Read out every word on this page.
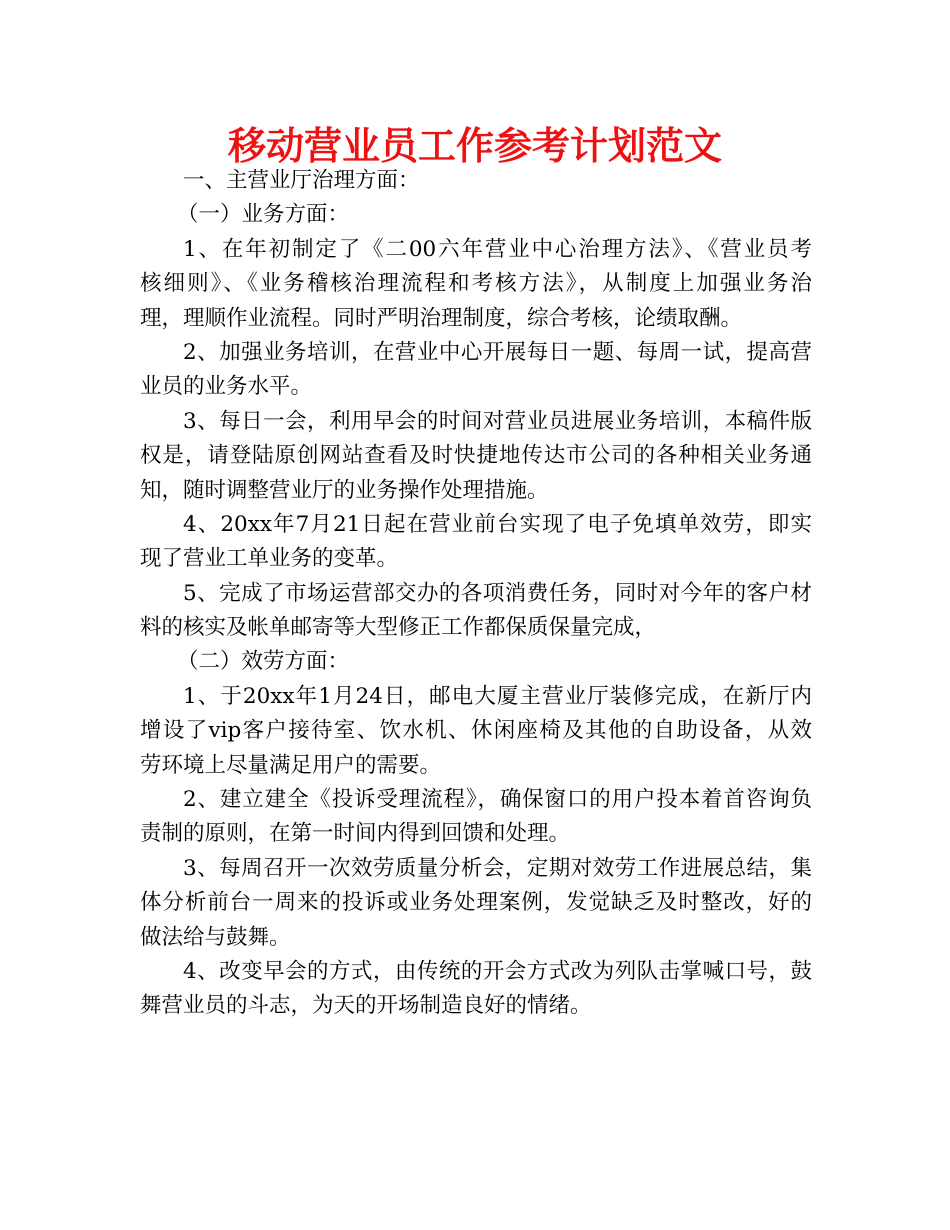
移动营业员工作参考计划范文
一、主营业厅治理方面：
（一）业务方面：
1、在年初制定了《二00六年营业中心治理方法》、《营业员考
核细则》、《业务稽核治理流程和考核方法》，从制度上加强业务治
理，理顺作业流程。同时严明治理制度，综合考核，论绩取酬。
2、加强业务培训，在营业中心开展每日一题、每周一试，提高营
业员的业务水平。
3、每日一会，利用早会的时间对营业员进展业务培训，本稿件版
权是，请登陆原创网站查看及时快捷地传达市公司的各种相关业务通
知，随时调整营业厅的业务操作处理措施。
4、20xx年7月21日起在营业前台实现了电子免填单效劳，即实
现了营业工单业务的变革。
5、完成了市场运营部交办的各项消费任务，同时对今年的客户材
料的核实及帐单邮寄等大型修正工作都保质保量完成，
（二）效劳方面：
1、于20xx年1月24日，邮电大厦主营业厅装修完成，在新厅内
增设了vip客户接待室、饮水机、休闲座椅及其他的自助设备，从效
劳环境上尽量满足用户的需要。
2、建立建全《投诉受理流程》，确保窗口的用户投本着首咨询负
责制的原则，在第一时间内得到回馈和处理。
3、每周召开一次效劳质量分析会，定期对效劳工作进展总结，集
体分析前台一周来的投诉或业务处理案例，发觉缺乏及时整改，好的
做法给与鼓舞。
4、改变早会的方式，由传统的开会方式改为列队击掌喊口号，鼓
舞营业员的斗志，为天的开场制造良好的情绪。
